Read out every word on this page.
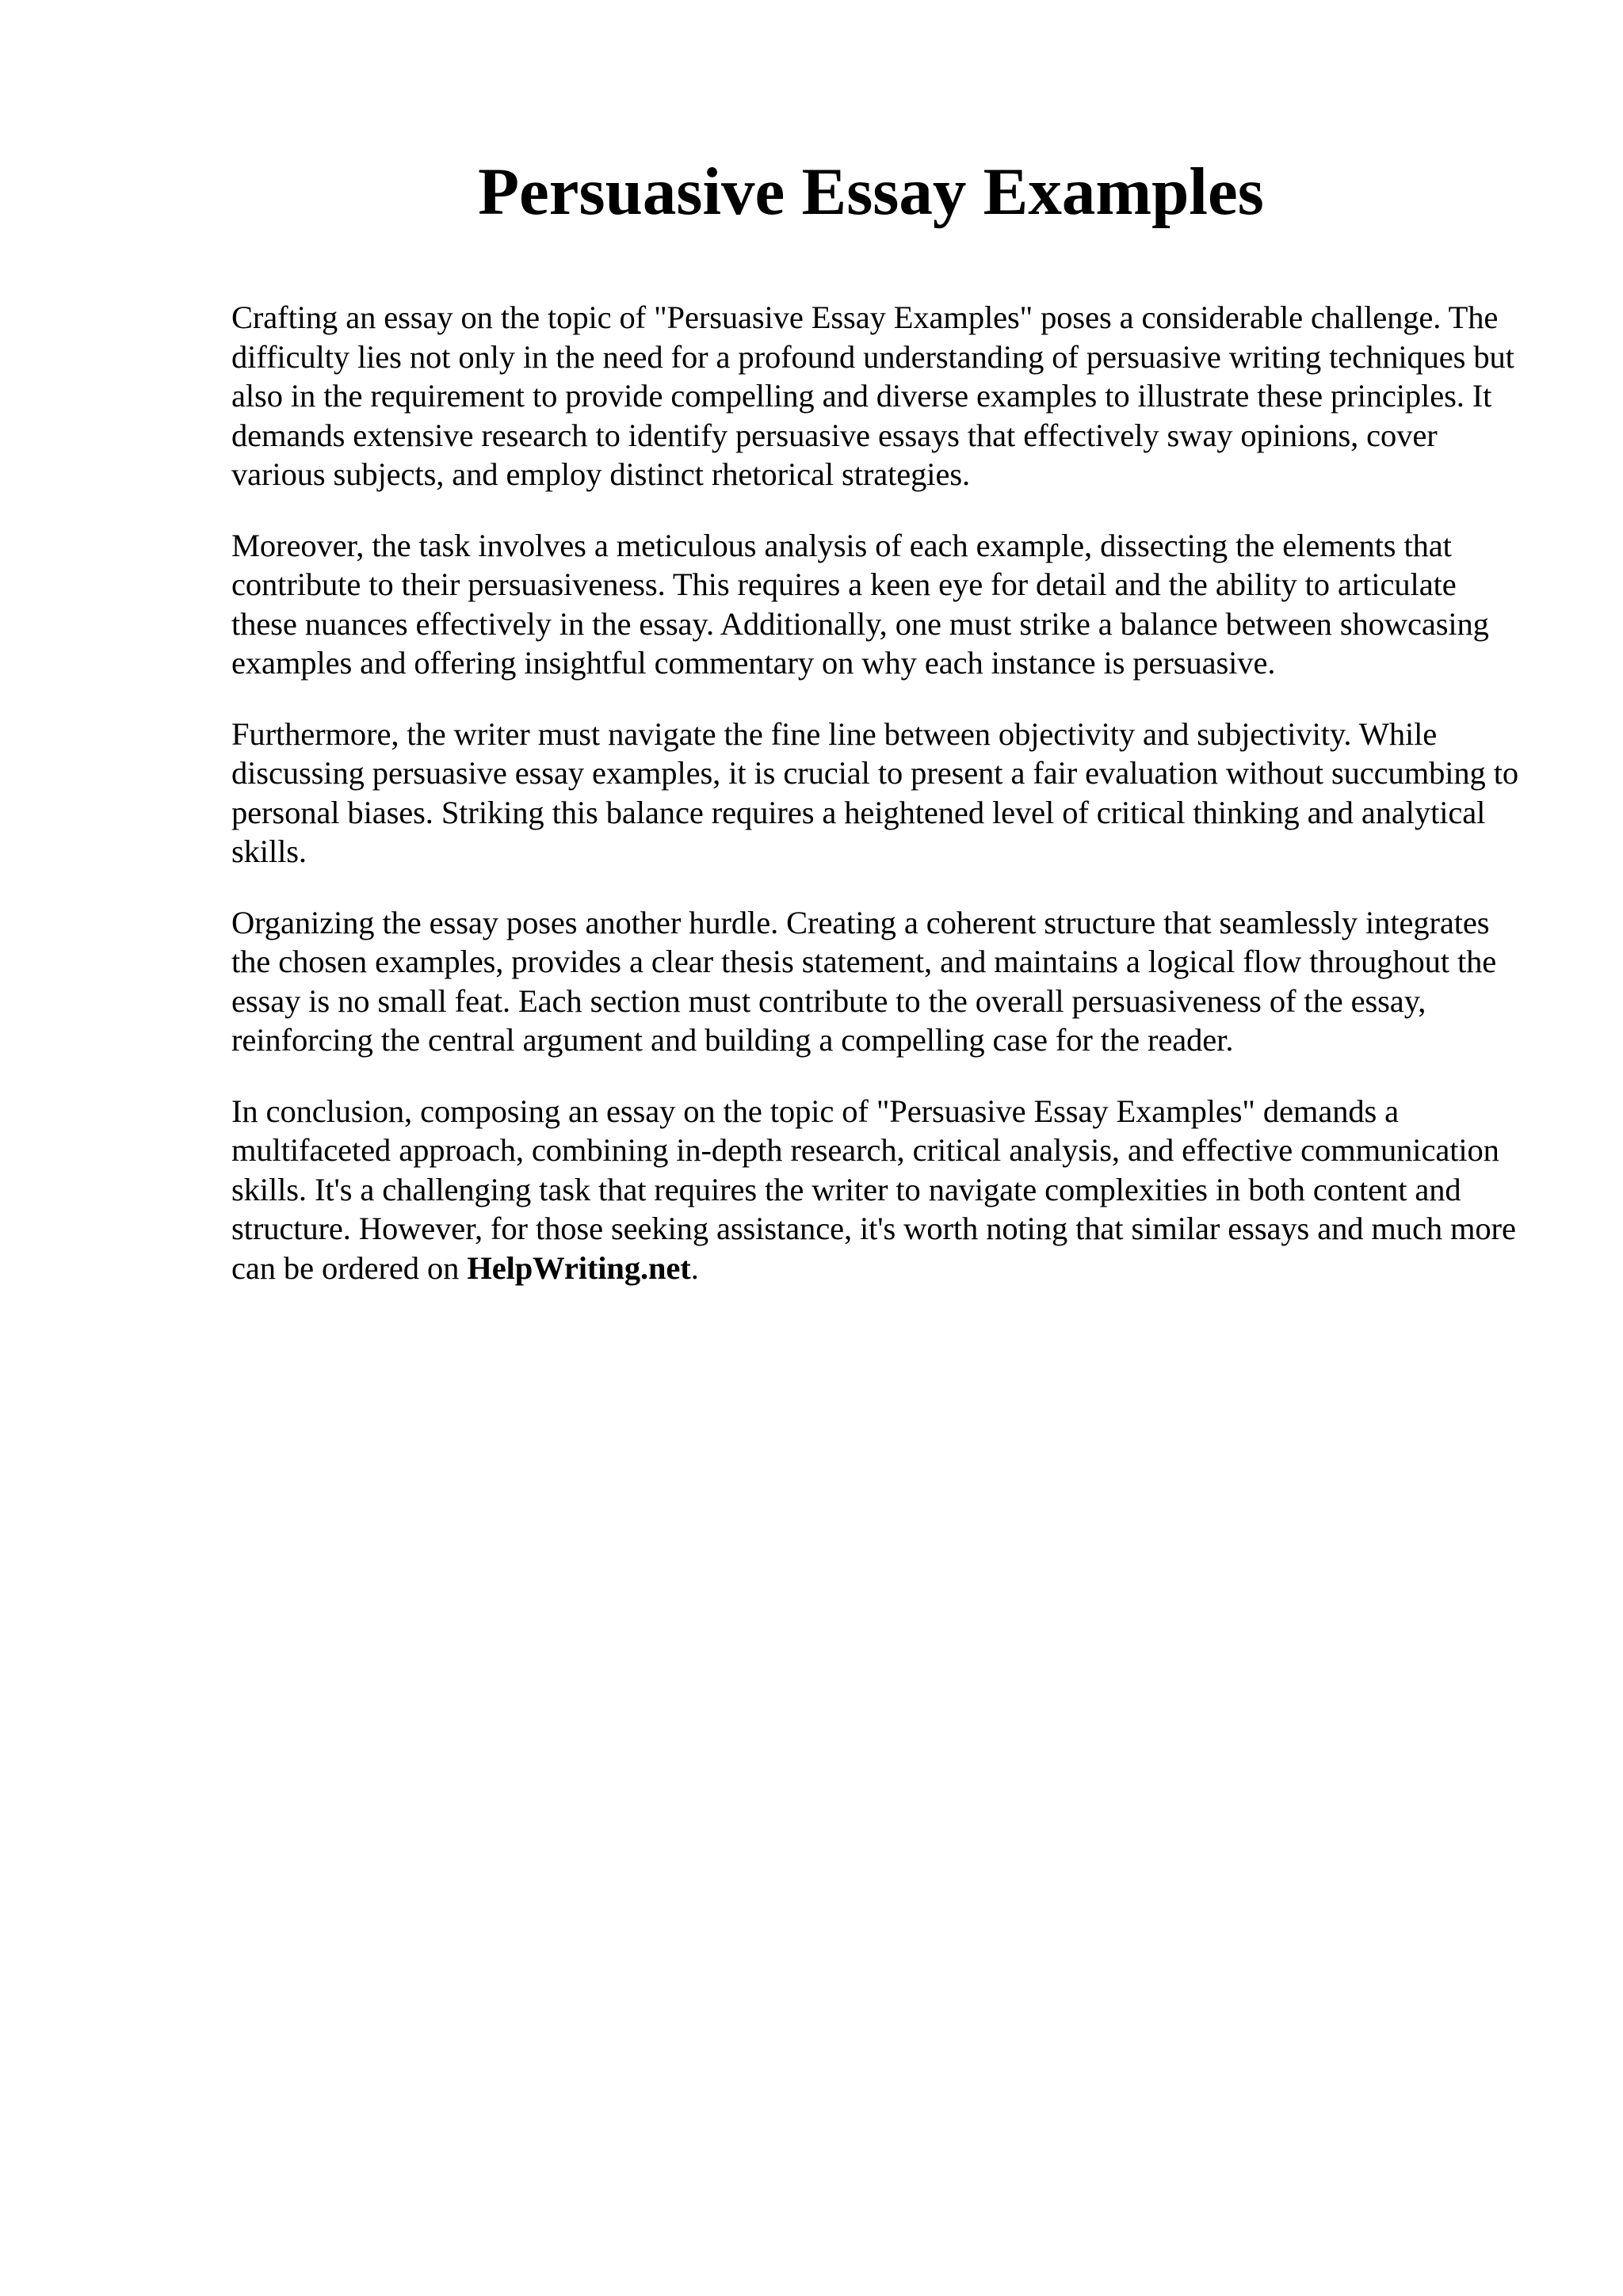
Persuasive Essay Examples

Crafting an essay on the topic of "Persuasive Essay Examples" poses a considerable challenge. The difficulty lies not only in the need for a profound understanding of persuasive writing techniques but also in the requirement to provide compelling and diverse examples to illustrate these principles. It demands extensive research to identify persuasive essays that effectively sway opinions, cover various subjects, and employ distinct rhetorical strategies.

Moreover, the task involves a meticulous analysis of each example, dissecting the elements that contribute to their persuasiveness. This requires a keen eye for detail and the ability to articulate these nuances effectively in the essay. Additionally, one must strike a balance between showcasing examples and offering insightful commentary on why each instance is persuasive.

Furthermore, the writer must navigate the fine line between objectivity and subjectivity. While discussing persuasive essay examples, it is crucial to present a fair evaluation without succumbing to personal biases. Striking this balance requires a heightened level of critical thinking and analytical skills.

Organizing the essay poses another hurdle. Creating a coherent structure that seamlessly integrates the chosen examples, provides a clear thesis statement, and maintains a logical flow throughout the essay is no small feat. Each section must contribute to the overall persuasiveness of the essay, reinforcing the central argument and building a compelling case for the reader.

In conclusion, composing an essay on the topic of "Persuasive Essay Examples" demands a multifaceted approach, combining in-depth research, critical analysis, and effective communication skills. It's a challenging task that requires the writer to navigate complexities in both content and structure. However, for those seeking assistance, it's worth noting that similar essays and much more can be ordered on HelpWriting.net.
